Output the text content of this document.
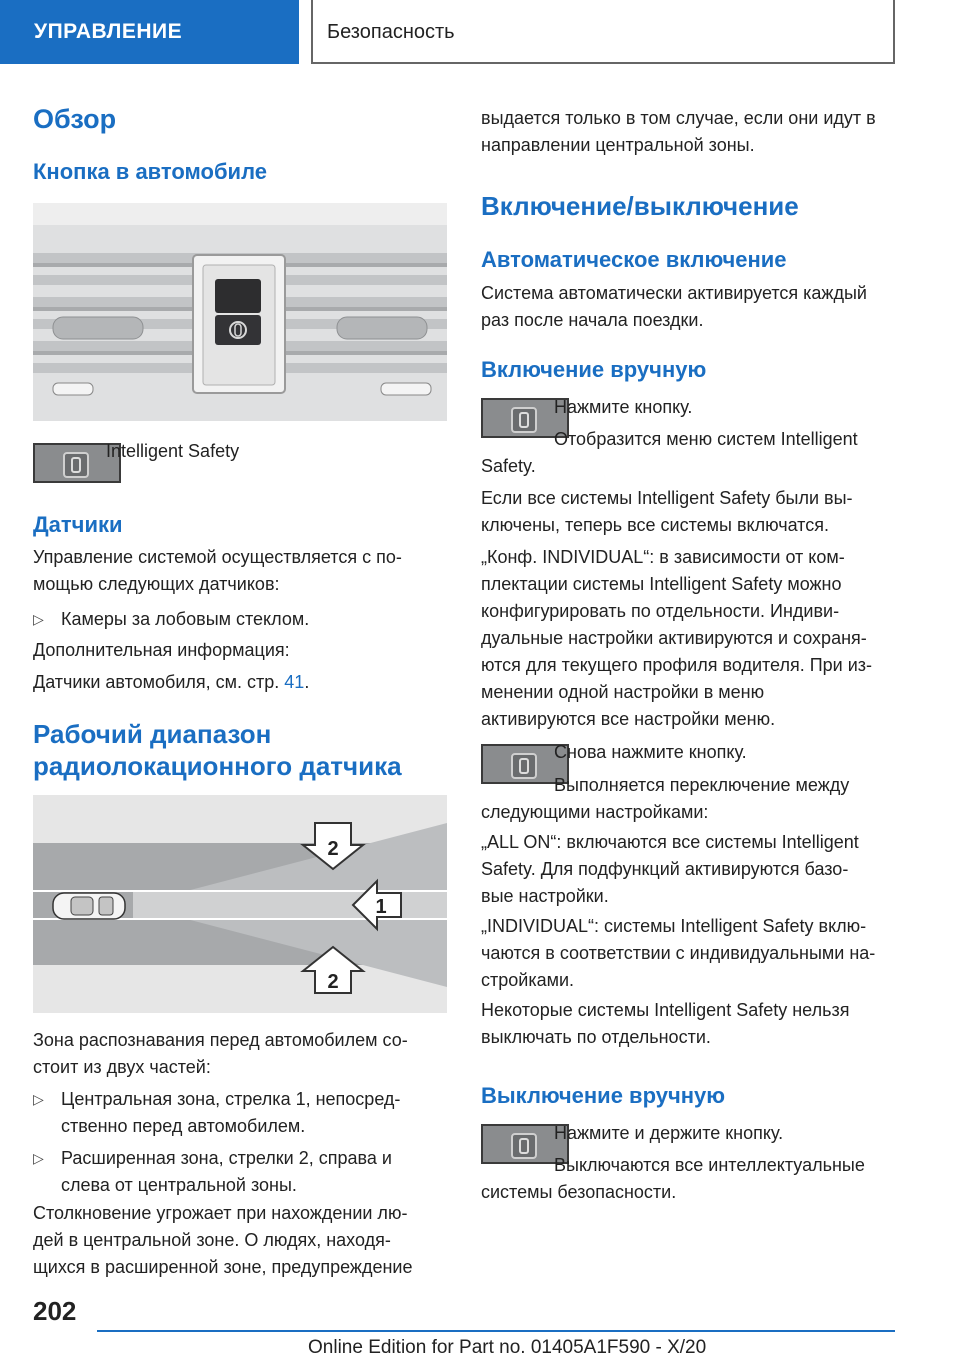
УПРАВЛЕНИЕ	Безопасность
Обзор
Кнопка в автомобиле
Intelligent Safety
Датчики
Управление системой осуществляется с по-
мощью следующих датчиков:
▷ Камеры за лобовым стеклом.
Дополнительная информация:
Датчики автомобиля, см. стр. 41.
Рабочий диапазон
радиолокационного датчика
2
1
2
Зона распознавания перед автомобилем со-
стоит из двух частей:
▷ Центральная зона, стрелка 1, непосред-
ственно перед автомобилем.
▷ Расширенная зона, стрелки 2, справа и
слева от центральной зоны.
Столкновение угрожает при нахождении лю-
дей в центральной зоне. О людях, находя-
щихся в расширенной зоне, предупреждение
выдается только в том случае, если они идут в
направлении центральной зоны.
Включение/выключение
Автоматическое включение
Система автоматически активируется каждый
раз после начала поездки.
Включение вручную
Нажмите кнопку.
Отобразится меню систем Intelligent
Safety.
Если все системы Intelligent Safety были вы-
ключены, теперь все системы включатся.
„Конф. INDIVIDUAL“: в зависимости от ком-
плектации системы Intelligent Safety можно
конфигурировать по отдельности. Индиви-
дуальные настройки активируются и сохраня-
ются для текущего профиля водителя. При из-
менении одной настройки в меню
активируются все настройки меню.
Снова нажмите кнопку.
Выполняется переключение между
следующими настройками:
„ALL ON“: включаются все системы Intelligent
Safety. Для подфункций активируются базо-
вые настройки.
„INDIVIDUAL“: системы Intelligent Safety вклю-
чаются в соответствии с индивидуальными на-
стройками.
Некоторые системы Intelligent Safety нельзя
выключать по отдельности.
Выключение вручную
Нажмите и держите кнопку.
Выключаются все интеллектуальные
системы безопасности.
202
Online Edition for Part no. 01405A1F590 - X/20
